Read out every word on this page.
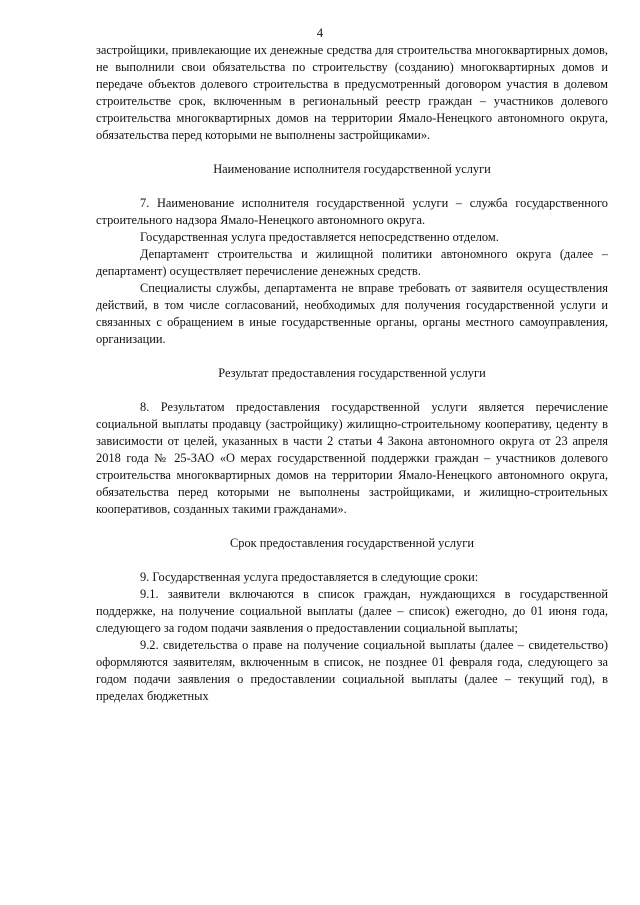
4

застройщики, привлекающие их денежные средства для строительства многоквартирных домов, не выполнили свои обязательства по строительству (созданию) многоквартирных домов и передаче объектов долевого строительства в предусмотренный договором участия в долевом строительстве срок, включенным в региональный реестр граждан – участников долевого строительства многоквартирных домов на территории Ямало-Ненецкого автономного округа, обязательства перед которыми не выполнены застройщиками».

Наименование исполнителя государственной услуги

7. Наименование исполнителя государственной услуги – служба государственного строительного надзора Ямало-Ненецкого автономного округа.

Государственная услуга предоставляется непосредственно отделом.

Департамент строительства и жилищной политики автономного округа (далее – департамент) осуществляет перечисление денежных средств.

Специалисты службы, департамента не вправе требовать от заявителя осуществления действий, в том числе согласований, необходимых для получения государственной услуги и связанных с обращением в иные государственные органы, органы местного самоуправления, организации.

Результат предоставления государственной услуги

8. Результатом предоставления государственной услуги является перечисление социальной выплаты продавцу (застройщику) жилищно-строительному кооперативу, цеденту в зависимости от целей, указанных в части 2 статьи 4 Закона автономного округа от 23 апреля 2018 года № 25-ЗАО «О мерах государственной поддержки граждан – участников долевого строительства многоквартирных домов на территории Ямало-Ненецкого автономного округа, обязательства перед которыми не выполнены застройщиками, и жилищно-строительных кооперативов, созданных такими гражданами».

Срок предоставления государственной услуги

9. Государственная услуга предоставляется в следующие сроки:

9.1. заявители включаются в список граждан, нуждающихся в государственной поддержке, на получение социальной выплаты (далее – список) ежегодно, до 01 июня года, следующего за годом подачи заявления о предоставлении социальной выплаты;

9.2. свидетельства о праве на получение социальной выплаты (далее – свидетельство) оформляются заявителям, включенным в список, не позднее 01 февраля года, следующего за годом подачи заявления о предоставлении социальной выплаты (далее – текущий год), в пределах бюджетных
